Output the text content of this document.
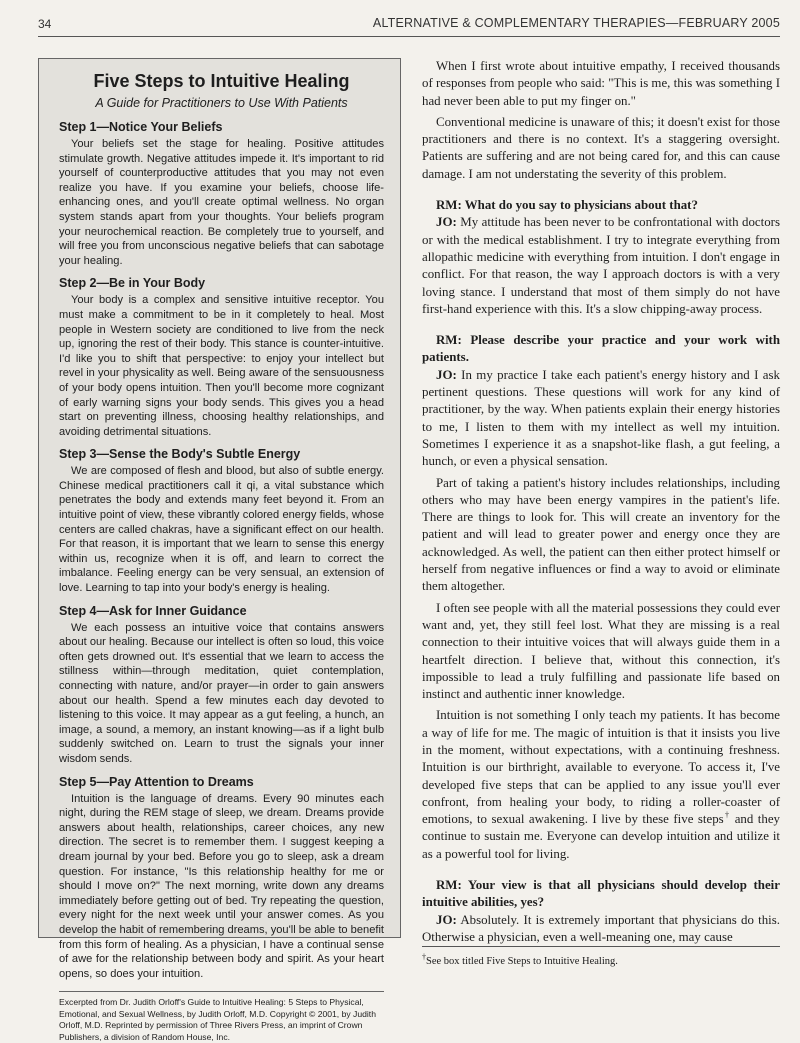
34	ALTERNATIVE & COMPLEMENTARY THERAPIES—FEBRUARY 2005
Five Steps to Intuitive Healing
A Guide for Practitioners to Use With Patients
Step 1—Notice Your Beliefs

Your beliefs set the stage for healing. Positive attitudes stimulate growth. Negative attitudes impede it. It's important to rid yourself of counterproductive attitudes that you may not even realize you have. If you examine your beliefs, choose life-enhancing ones, and you'll create optimal wellness. No organ system stands apart from your thoughts. Your beliefs program your neurochemical reaction. Be completely true to yourself, and will free you from unconscious negative beliefs that can sabotage your healing.

Step 2—Be in Your Body

Your body is a complex and sensitive intuitive receptor. You must make a commitment to be in it completely to heal. Most people in Western society are conditioned to live from the neck up, ignoring the rest of their body. This stance is counter-intuitive. I'd like you to shift that perspective: to enjoy your intellect but revel in your physicality as well. Being aware of the sensuousness of your body opens intuition. Then you'll become more cognizant of early warning signs your body sends. This gives you a head start on preventing illness, choosing healthy relationships, and avoiding detrimental situations.

Step 3—Sense the Body's Subtle Energy

We are composed of flesh and blood, but also of subtle energy. Chinese medical practitioners call it qi, a vital substance which penetrates the body and extends many feet beyond it. From an intuitive point of view, these vibrantly colored energy fields, whose centers are called chakras, have a significant effect on our health. For that reason, it is important that we learn to sense this energy within us, recognize when it is off, and learn to correct the imbalance. Feeling energy can be very sensual, an extension of love. Learning to tap into your body's energy is healing.

Step 4—Ask for Inner Guidance

We each possess an intuitive voice that contains answers about our healing. Because our intellect is often so loud, this voice often gets drowned out. It's essential that we learn to access the stillness within—through meditation, quiet contemplation, connecting with nature, and/or prayer—in order to gain answers about our health. Spend a few minutes each day devoted to listening to this voice. It may appear as a gut feeling, a hunch, an image, a sound, a memory, an instant knowing—as if a light bulb suddenly switched on. Learn to trust the signals your inner wisdom sends.

Step 5—Pay Attention to Dreams

Intuition is the language of dreams. Every 90 minutes each night, during the REM stage of sleep, we dream. Dreams provide answers about health, relationships, career choices, any new direction. The secret is to remember them. I suggest keeping a dream journal by your bed. Before you go to sleep, ask a dream question. For instance, "Is this relationship healthy for me or should I move on?" The next morning, write down any dreams immediately before getting out of bed. Try repeating the question, every night for the next week until your answer comes. As you develop the habit of remembering dreams, you'll be able to benefit from this form of healing. As a physician, I have a continual sense of awe for the relationship between body and spirit. As your heart opens, so does your intuition.

Excerpted from Dr. Judith Orloff's Guide to Intuitive Healing: 5 Steps to Physical, Emotional, and Sexual Wellness, by Judith Orloff, M.D. Copyright © 2001, by Judith Orloff, M.D. Reprinted by permission of Three Rivers Press, an imprint of Crown Publishers, a division of Random House, Inc.

When I first wrote about intuitive empathy, I received thousands of responses from people who said: "This is me, this was something I had never been able to put my finger on."

Conventional medicine is unaware of this; it doesn't exist for those practitioners and there is no context. It's a staggering oversight. Patients are suffering and are not being cared for, and this can cause damage. I am not understating the severity of this problem.

RM: What do you say to physicians about that?

JO: My attitude has been never to be confrontational with doctors or with the medical establishment. I try to integrate everything from allopathic medicine with everything from intuition. I don't engage in conflict. For that reason, the way I approach doctors is with a very loving stance. I understand that most of them simply do not have first-hand experience with this. It's a slow chipping-away process.

RM: Please describe your practice and your work with patients.

JO: In my practice I take each patient's energy history and I ask pertinent questions. These questions will work for any kind of practitioner, by the way. When patients explain their energy histories to me, I listen to them with my intellect as well my intuition. Sometimes I experience it as a snapshot-like flash, a gut feeling, a hunch, or even a physical sensation.

Part of taking a patient's history includes relationships, including others who may have been energy vampires in the patient's life. There are things to look for. This will create an inventory for the patient and will lead to greater power and energy once they are acknowledged. As well, the patient can then either protect himself or herself from negative influences or find a way to avoid or eliminate them altogether.

I often see people with all the material possessions they could ever want and, yet, they still feel lost. What they are missing is a real connection to their intuitive voices that will always guide them in a heartfelt direction. I believe that, without this connection, it's impossible to lead a truly fulfilling and passionate life based on instinct and authentic inner knowledge.

Intuition is not something I only teach my patients. It has become a way of life for me. The magic of intuition is that it insists you live in the moment, without expectations, with a continuing freshness. Intuition is our birthright, available to everyone. To access it, I've developed five steps that can be applied to any issue you'll ever confront, from healing your body, to riding a roller-coaster of emotions, to sexual awakening. I live by these five steps† and they continue to sustain me. Everyone can develop intuition and utilize it as a powerful tool for living.

RM: Your view is that all physicians should develop their intuitive abilities, yes?

JO: Absolutely. It is extremely important that physicians do this. Otherwise a physician, even a well-meaning one, may cause

†See box titled Five Steps to Intuitive Healing.
